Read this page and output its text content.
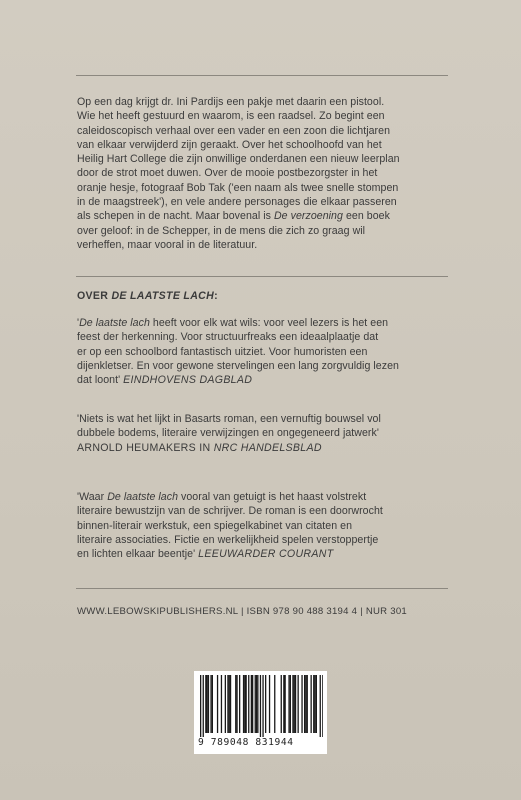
Op een dag krijgt dr. Ini Pardijs een pakje met daarin een pistool.
Wie het heeft gestuurd en waarom, is een raadsel. Zo begint een
caleidoscopisch verhaal over een vader en een zoon die lichtjaren
van elkaar verwijderd zijn geraakt. Over het schoolhoofd van het
Heilig Hart College die zijn onwillige onderdanen een nieuw leerplan
door de strot moet duwen. Over de mooie postbezorgster in het
oranje hesje, fotograaf Bob Tak ('een naam als twee snelle stompen
in de maagstreek'), en vele andere personages die elkaar passeren
als schepen in de nacht. Maar bovenal is De verzoening een boek
over geloof: in de Schepper, in de mens die zich zo graag wil
verheffen, maar vooral in de literatuur.
OVER DE LAATSTE LACH:
'De laatste lach heeft voor elk wat wils: voor veel lezers is het een
feest der herkenning. Voor structuurfreaks een ideaalplaatje dat
er op een schoolbord fantastisch uitziet. Voor humoristen een
dijenkletser. En voor gewone stervelingen een lang zorgvuldig lezen
dat loont' EINDHOVENS DAGBLAD
'Niets is wat het lijkt in Basarts roman, een vernuftig bouwsel vol
dubbele bodems, literaire verwijzingen en ongegeneerd jatwerk'
ARNOLD HEUMAKERS IN NRC HANDELSBLAD
'Waar De laatste lach vooral van getuigt is het haast volstrekt
literaire bewustzijn van de schrijver. De roman is een doorwrocht
binnen-literair werkstuk, een spiegelkabinet van citaten en
literaire associaties. Fictie en werkelijkheid spelen verstoppertje
en lichten elkaar beentje' LEEUWARDER COURANT
WWW.LEBOWSKIPUBLISHERS.NL | ISBN 978 90 488 3194 4 | NUR 301
9 789048 831944
